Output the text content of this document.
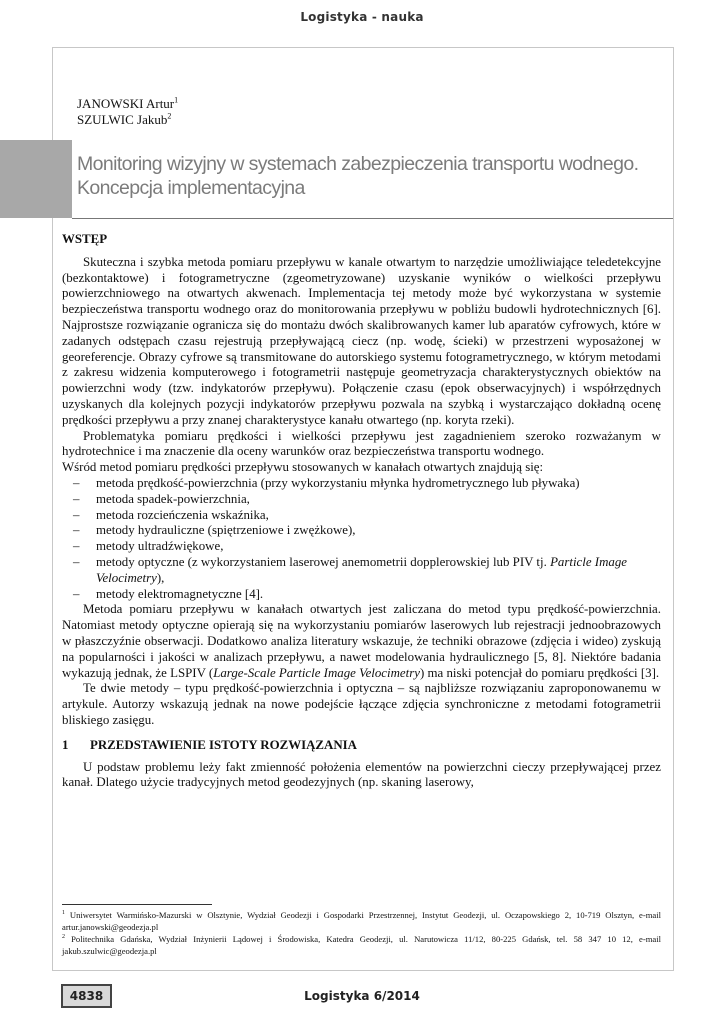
Logistyka - nauka
JANOWSKI Artur$^1$
SZULWIC Jakub$^2$
Monitoring wizyjny w systemach zabezpieczenia transportu wodnego.
Koncepcja implementacyjna
WSTĘP

Skuteczna i szybka metoda pomiaru przepływu w kanale otwartym to narzędzie umożliwiające teledetekcyjne (bezkontaktowe) i fotogrametryczne (zgeometryzowane) uzyskanie wyników o wielkości przepływu powierzchniowego na otwartych akwenach. Implementacja tej metody może być wykorzystana w systemie bezpieczeństwa transportu wodnego oraz do monitorowania przepływu w pobliżu budowli hydrotechnicznych [6]. Najprostsze rozwiązanie ogranicza się do montażu dwóch skalibrowanych kamer lub aparatów cyfrowych, które w zadanych odstępach czasu rejestrują przepływającą ciecz (np. wodę, ścieki) w przestrzeni wyposażonej w georeferencje. Obrazy cyfrowe są transmitowane do autorskiego systemu fotogrametrycznego, w którym metodami z zakresu widzenia komputerowego i fotogrametrii następuje geometryzacja charakterystycznych obiektów na powierzchni wody (tzw. indykatorów przepływu). Połączenie czasu (epok obserwacyjnych) i współrzędnych uzyskanych dla kolejnych pozycji indykatorów przepływu pozwala na szybką i wystarczająco dokładną ocenę prędkości przepływu a przy znanej charakterystyce kanału otwartego (np. koryta rzeki).

Problematyka pomiaru prędkości i wielkości przepływu jest zagadnieniem szeroko rozważanym w hydrotechnice i ma znaczenie dla oceny warunków oraz bezpieczeństwa transportu wodnego.

Wśród metod pomiaru prędkości przepływu stosowanych w kanałach otwartych znajdują się:

– metoda prędkość-powierzchnia (przy wykorzystaniu młynka hydrometrycznego lub pływaka)
– metoda spadek-powierzchnia,
– metoda rozcieńczenia wskaźnika,
– metody hydrauliczne (spiętrzeniowe i zwężkowe),
– metody ultradźwiękowe,
– metody optyczne (z wykorzystaniem laserowej anemometrii dopplerowskiej lub PIV tj. Particle Image Velocimetry),
– metody elektromagnetyczne [4].

Metoda pomiaru przepływu w kanałach otwartych jest zaliczana do metod typu prędkość-powierzchnia. Natomiast metody optyczne opierają się na wykorzystaniu pomiarów laserowych lub rejestracji jednoobrazowych w płaszczyźnie obserwacji. Dodatkowo analiza literatury wskazuje, że techniki obrazowe (zdjęcia i wideo) zyskują na popularności i jakości w analizach przepływu, a nawet modelowania hydraulicznego [5, 8]. Niektóre badania wykazują jednak, że LSPIV (Large-Scale Particle Image Velocimetry) ma niski potencjał do pomiaru prędkości [3].

Te dwie metody – typu prędkość-powierzchnia i optyczna – są najbliższe rozwiązaniu zaproponowanemu w artykule. Autorzy wskazują jednak na nowe podejście łączące zdjęcia synchroniczne z metodami fotogrametrii bliskiego zasięgu.

1 PRZEDSTAWIENIE ISTOTY ROZWIĄZANIA

U podstaw problemu leży fakt zmienność położenia elementów na powierzchni cieczy przepływającej przez kanał. Dlatego użycie tradycyjnych metod geodezyjnych (np. skaning laserowy,

$^1$ Uniwersytet Warmińsko-Mazurski w Olsztynie, Wydział Geodezji i Gospodarki Przestrzennej, Instytut Geodezji, ul. Oczapowskiego 2, 10-719 Olsztyn, e-mail artur.janowski@geodezja.pl
$^2$ Politechnika Gdańska, Wydział Inżynierii Lądowej i Środowiska, Katedra Geodezji, ul. Narutowicza 11/12, 80-225 Gdańsk, tel. 58 347 10 12, e-mail jakub.szulwic@geodezja.pl
4838	Logistyka 6/2014
